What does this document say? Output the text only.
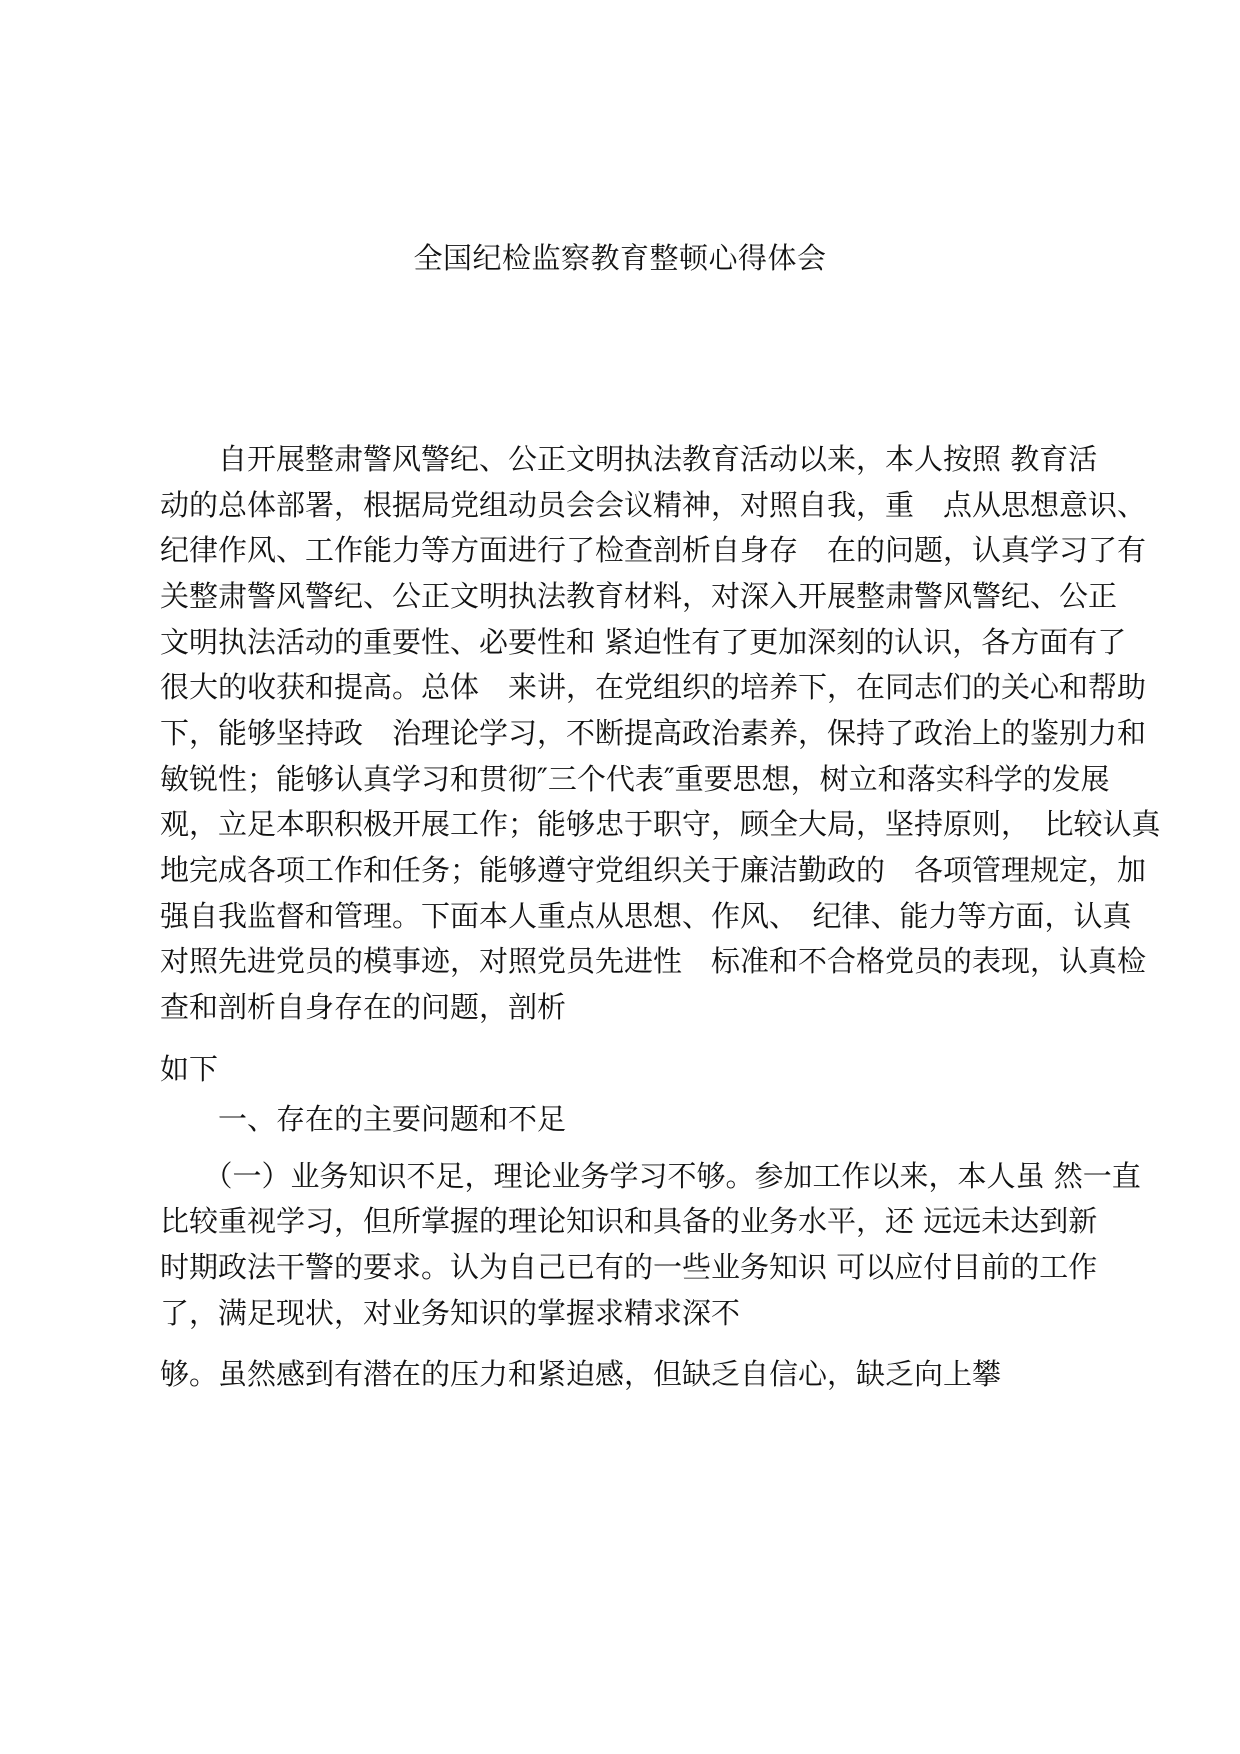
全国纪检监察教育整顿心得体会
　　自开展整肃警风警纪、公正文明执法教育活动以来，本人按照 教育活
动的总体部署，根据局党组动员会会议精神，对照自我，重　点从思想意识、
纪律作风、工作能力等方面进行了检查剖析自身存　在的问题，认真学习了有
关整肃警风警纪、公正文明执法教育材料，对深入开展整肃警风警纪、公正
文明执法活动的重要性、必要性和 紧迫性有了更加深刻的认识，各方面有了
很大的收获和提高。总体　来讲，在党组织的培养下，在同志们的关心和帮助
下，能够坚持政　治理论学习，不断提高政治素养，保持了政治上的鉴别力和
敏锐性；能够认真学习和贯彻″三个代表″重要思想，树立和落实科学的发展
观，立足本职积极开展工作；能够忠于职守，顾全大局，坚持原则，　比较认真
地完成各项工作和任务；能够遵守党组织关于廉洁勤政的　各项管理规定，加
强自我监督和管理。下面本人重点从思想、作风、　纪律、能力等方面，认真
对照先进党员的模事迹，对照党员先进性　标准和不合格党员的表现，认真检
查和剖析自身存在的问题，剖析
如下
　　一、存在的主要问题和不足
　　（一）业务知识不足，理论业务学习不够。参加工作以来，本人虽 然一直
比较重视学习，但所掌握的理论知识和具备的业务水平，还 远远未达到新
时期政法干警的要求。认为自己已有的一些业务知识 可以应付目前的工作
了，满足现状，对业务知识的掌握求精求深不
够。虽然感到有潜在的压力和紧迫感，但缺乏自信心，缺乏向上攀
